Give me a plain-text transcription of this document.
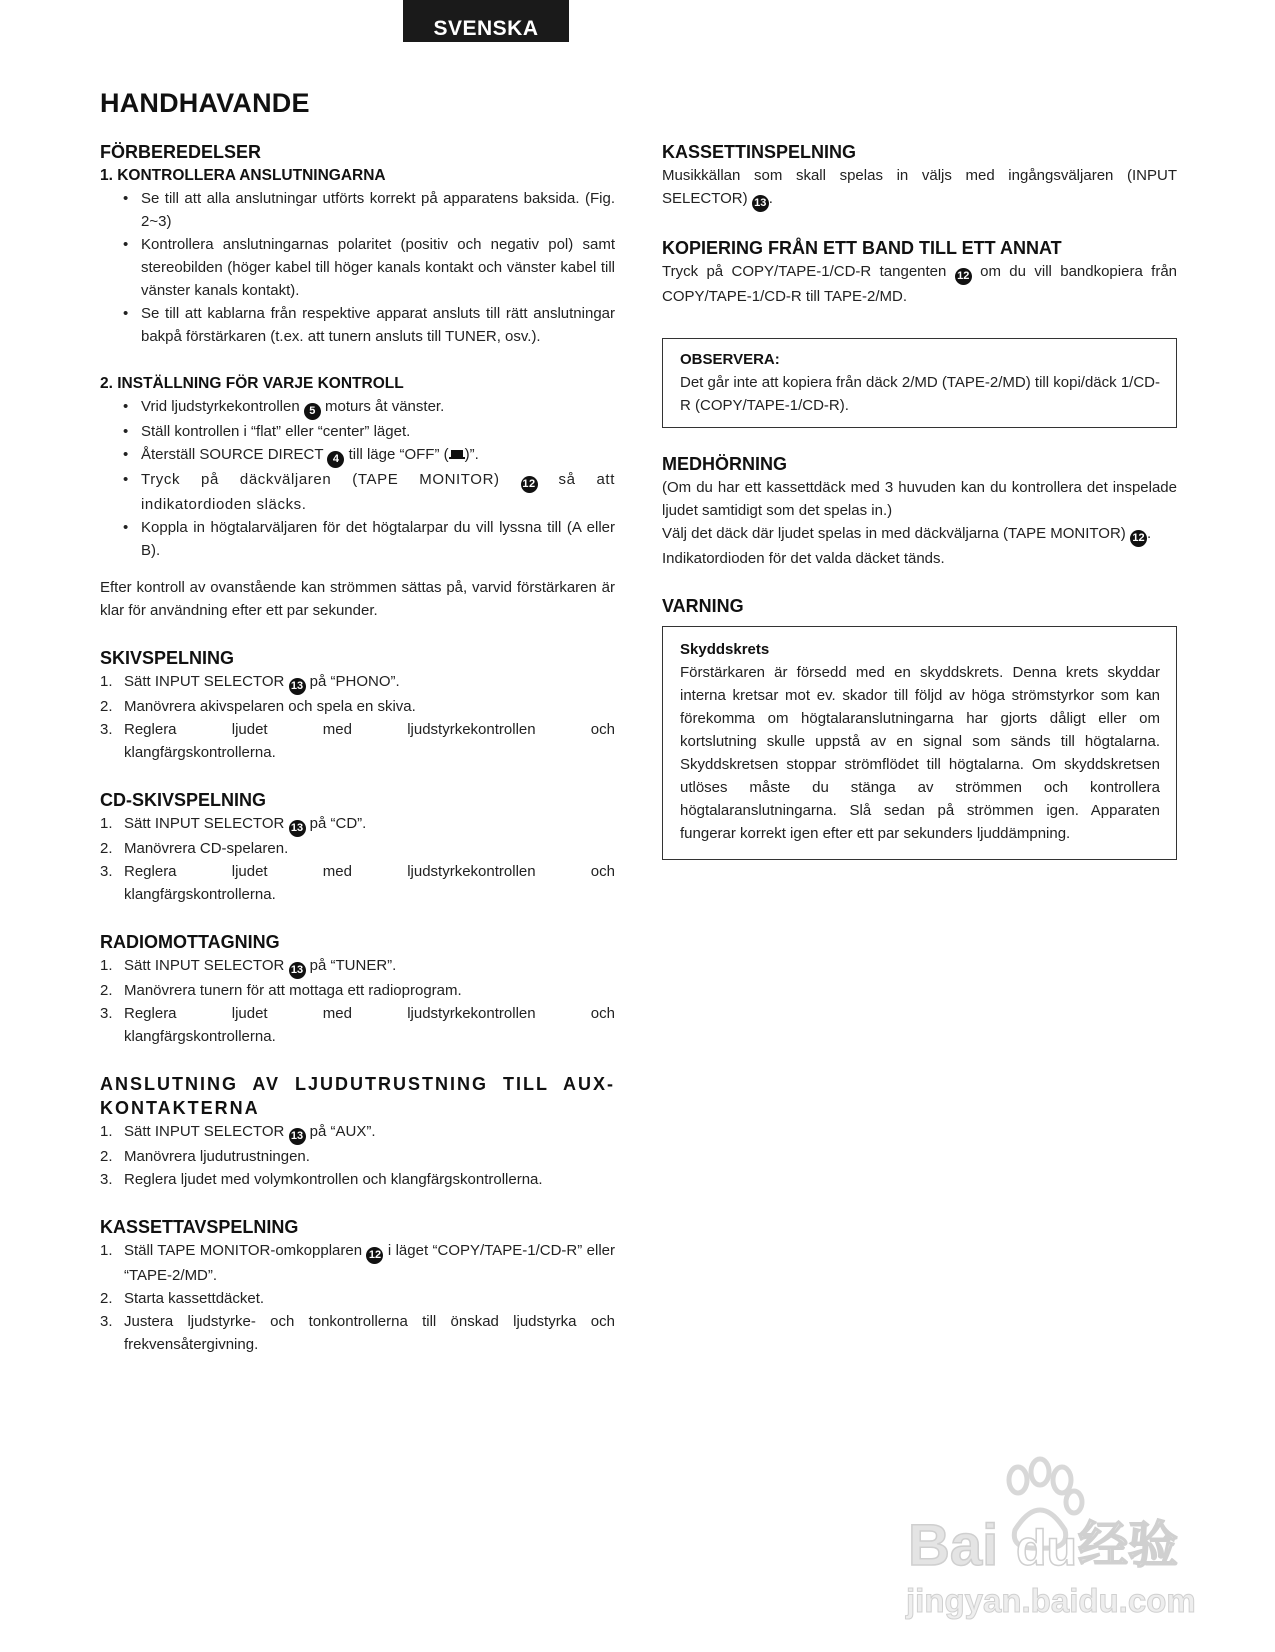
SVENSKA
HANDHAVANDE
FÖRBEREDELSER
1. KONTROLLERA ANSLUTNINGARNA
• Se till att alla anslutningar utförts korrekt på apparatens baksida. (Fig. 2~3)
• Kontrollera anslutningarnas polaritet (positiv och negativ pol) samt stereobilden (höger kabel till höger kanals kontakt och vänster kabel till vänster kanals kontakt).
• Se till att kablarna från respektive apparat ansluts till rätt anslutningar bakpå förstärkaren (t.ex. att tunern ansluts till TUNER, osv.).
2. INSTÄLLNING FÖR VARJE KONTROLL
• Vrid ljudstyrkekontrollen 5 moturs åt vänster.
• Ställ kontrollen i “flat” eller “center” läget.
• Återställ SOURCE DIRECT 4 till läge “OFF” ( )”.
• Tryck på däckväljaren (TAPE MONITOR) 12 så att indikatordioden släcks.
• Koppla in högtalarväljaren för det högtalarpar du vill lyssna till (A eller B).

Efter kontroll av ovanstående kan strömmen sättas på, varvid förstärkaren är klar för användning efter ett par sekunder.

SKIVSPELNING
1. Sätt INPUT SELECTOR 13 på “PHONO”.
2. Manövrera akivspelaren och spela en skiva.
3. Reglera ljudet med ljudstyrkekontrollen och
klangfärgskontrollerna.
CD-SKIVSPELNING
1. Sätt INPUT SELECTOR 13 på “CD”.
2. Manövrera CD-spelaren.
3. Reglera ljudet med ljudstyrkekontrollen och
klangfärgskontrollerna.
RADIOMOTTAGNING
1. Sätt INPUT SELECTOR 13 på “TUNER”.
2. Manövrera tunern för att mottaga ett radioprogram.
3. Reglera ljudet med ljudstyrkekontrollen och
klangfärgskontrollerna.
ANSLUTNING AV LJUDUTRUSTNING TILL AUX-
KONTAKTERNA
1. Sätt INPUT SELECTOR 13 på “AUX”.
2. Manövrera ljudutrustningen.
3. Reglera ljudet med volymkontrollen och klangfärgskontrollerna.
KASSETTAVSPELNING
1. Ställ TAPE MONITOR-omkopplaren 12 i läget “COPY/TAPE-1/CD-R” eller “TAPE-2/MD”.
2. Starta kassettdäcket.
3. Justera ljudstyrke- och tonkontrollerna till önskad ljudstyrka och frekvensåtergivning.
KASSETTINSPELNING

Musikkällan som skall spelas in väljs med ingångsväljaren (INPUT SELECTOR) 13 .

KOPIERING FRÅN ETT BAND TILL ETT ANNAT

Tryck på COPY/TAPE-1/CD-R tangenten 12 om du vill bandkopiera från COPY/TAPE-1/CD-R till TAPE-2/MD.

OBSERVERA:

Det går inte att kopiera från däck 2/MD (TAPE-2/MD) till kopi/däck 1/CD-R (COPY/TAPE-1/CD-R).

MEDHÖRNING

(Om du har ett kassettdäck med 3 huvuden kan du kontrollera det inspelade ljudet samtidigt som det spelas in.)

Välj det däck där ljudet spelas in med däckväljarna (TAPE MONITOR) 12 .

Indikatordioden för det valda däcket tänds.

VARNING
Skyddskrets

Förstärkaren är försedd med en skyddskrets. Denna krets skyddar interna kretsar mot ev. skador till följd av höga strömstyrkor som kan förekomma om högtalaranslutningarna har gjorts dåligt eller om kortslutning skulle uppstå av en signal som sänds till högtalarna. Skyddskretsen stoppar strömflödet till högtalarna. Om skyddskretsen utlöses måste du stänga av strömmen och kontrollera högtalaranslutningarna. Slå sedan på strömmen igen. Apparaten fungerar korrekt igen efter ett par sekunders ljuddämpning.

Bai du 经验
jingyan.baidu.com
